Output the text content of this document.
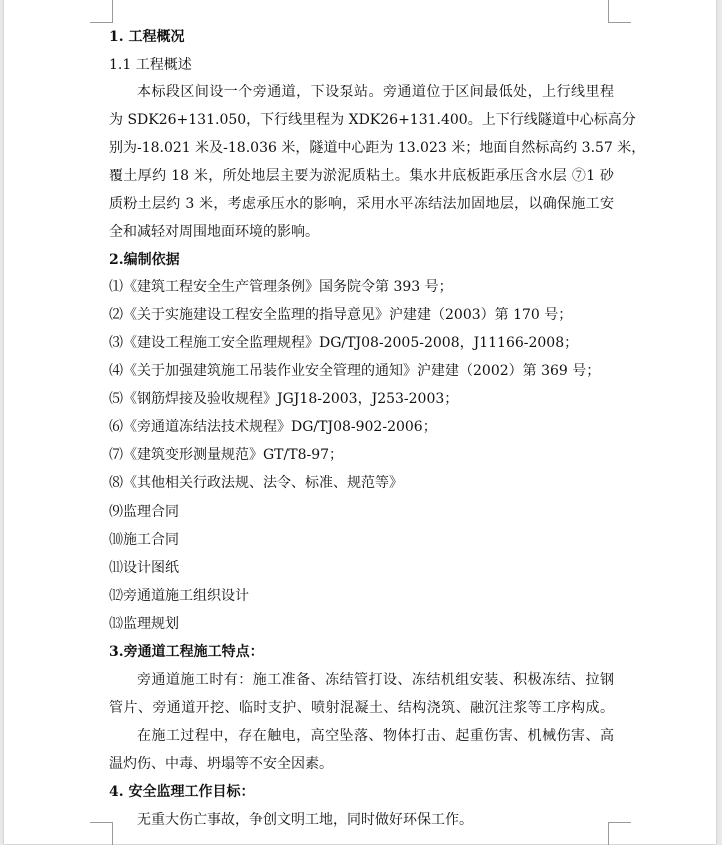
1. 工程概况
1.1 工程概述
本标段区间设一个旁通道，下设泵站。旁通道位于区间最低处，上行线里程
为 SDK26+131.050，下行线里程为 XDK26+131.400。上下行线隧道中心标高分
别为-18.021 米及-18.036 米，隧道中心距为 13.023 米；地面自然标高约 3.57 米，
覆土厚约 18 米，所处地层主要为淤泥质粘土。集水井底板距承压含水层 ⑦1 砂
质粉土层约 3 米，考虑承压水的影响，采用水平冻结法加固地层，以确保施工安
全和减轻对周围地面环境的影响。
2.编制依据
⑴《建筑工程安全生产管理条例》国务院令第 393 号；
⑵《关于实施建设工程安全监理的指导意见》沪建建（2003）第 170 号；
⑶《建设工程施工安全监理规程》DG/TJ08-2005-2008，J11166-2008；
⑷《关于加强建筑施工吊装作业安全管理的通知》沪建建（2002）第 369 号；
⑸《钢筋焊接及验收规程》JGJ18-2003，J253-2003；
⑹《旁通道冻结法技术规程》DG/TJ08-902-2006；
⑺《建筑变形测量规范》GT/T8-97；
⑻《其他相关行政法规、法令、标准、规范等》
⑼监理合同
⑽施工合同
⑾设计图纸
⑿旁通道施工组织设计
⒀监理规划
3.旁通道工程施工特点：
旁通道施工时有：施工准备、冻结管打设、冻结机组安装、积极冻结、拉钢
管片、旁通道开挖、临时支护、喷射混凝土、结构浇筑、融沉注浆等工序构成。
在施工过程中，存在触电，高空坠落、物体打击、起重伤害、机械伤害、高
温灼伤、中毒、坍塌等不安全因素。
4. 安全监理工作目标：
无重大伤亡事故，争创文明工地，同时做好环保工作。
